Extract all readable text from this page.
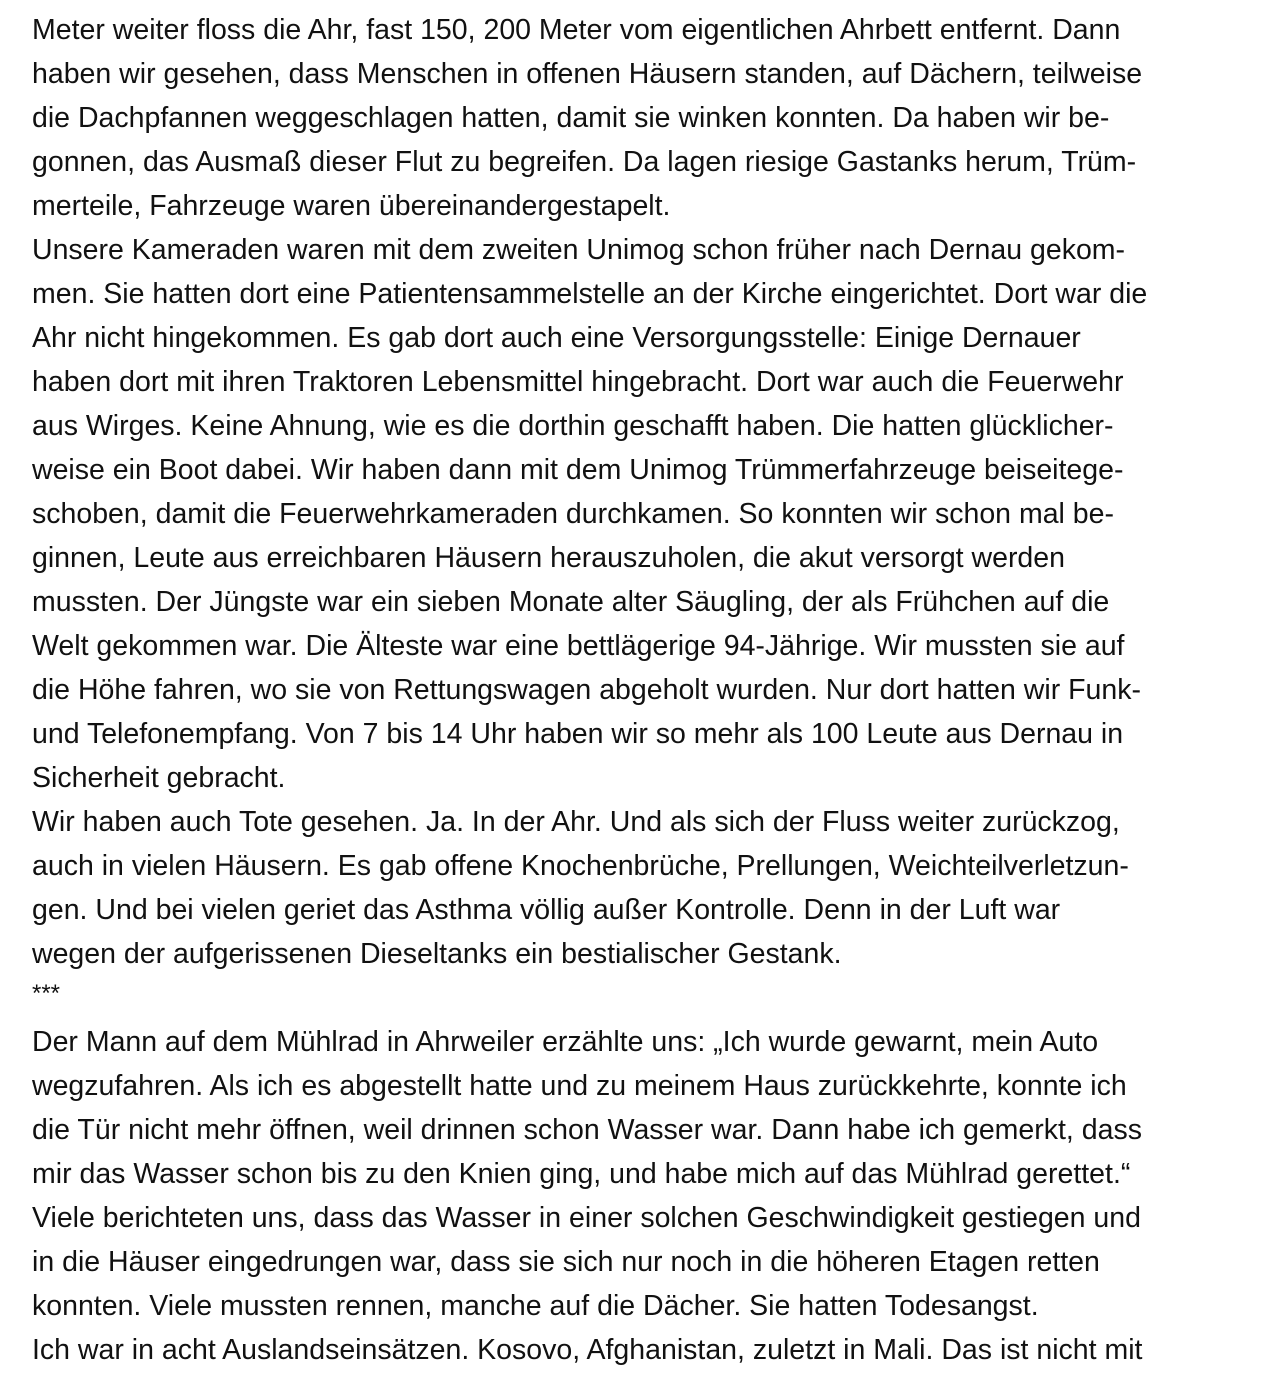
Meter weiter floss die Ahr, fast 150, 200 Meter vom eigentlichen Ahrbett entfernt. Dann
haben wir gesehen, dass Menschen in offenen Häusern standen, auf Dächern, teilweise
die Dachpfannen weggeschlagen hatten, damit sie winken konnten. Da haben wir be-
gonnen, das Ausmaß dieser Flut zu begreifen. Da lagen riesige Gastanks herum, Trüm-
merteile, Fahrzeuge waren übereinandergestapelt.
Unsere Kameraden waren mit dem zweiten Unimog schon früher nach Dernau gekom-
men. Sie hatten dort eine Patientensammelstelle an der Kirche eingerichtet. Dort war die
Ahr nicht hingekommen. Es gab dort auch eine Versorgungsstelle: Einige Dernauer
haben dort mit ihren Traktoren Lebensmittel hingebracht. Dort war auch die Feuerwehr
aus Wirges. Keine Ahnung, wie es die dorthin geschafft haben. Die hatten glücklicher-
weise ein Boot dabei. Wir haben dann mit dem Unimog Trümmerfahrzeuge beiseitege-
schoben, damit die Feuerwehrkameraden durchkamen. So konnten wir schon mal be-
ginnen, Leute aus erreichbaren Häusern herauszuholen, die akut versorgt werden
mussten. Der Jüngste war ein sieben Monate alter Säugling, der als Frühchen auf die
Welt gekommen war. Die Älteste war eine bettlägerige 94-Jährige. Wir mussten sie auf
die Höhe fahren, wo sie von Rettungswagen abgeholt wurden. Nur dort hatten wir Funk-
und Telefonempfang. Von 7 bis 14 Uhr haben wir so mehr als 100 Leute aus Dernau in
Sicherheit gebracht.
Wir haben auch Tote gesehen. Ja. In der Ahr. Und als sich der Fluss weiter zurückzog,
auch in vielen Häusern. Es gab offene Knochenbrüche, Prellungen, Weichteilverletzun-
gen. Und bei vielen geriet das Asthma völlig außer Kontrolle. Denn in der Luft war
wegen der aufgerissenen Dieseltanks ein bestialischer Gestank.
***
Der Mann auf dem Mühlrad in Ahrweiler erzählte uns: „Ich wurde gewarnt, mein Auto
wegzufahren. Als ich es abgestellt hatte und zu meinem Haus zurückkehrte, konnte ich
die Tür nicht mehr öffnen, weil drinnen schon Wasser war. Dann habe ich gemerkt, dass
mir das Wasser schon bis zu den Knien ging, und habe mich auf das Mühlrad gerettet.“
Viele berichteten uns, dass das Wasser in einer solchen Geschwindigkeit gestiegen und
in die Häuser eingedrungen war, dass sie sich nur noch in die höheren Etagen retten
konnten. Viele mussten rennen, manche auf die Dächer. Sie hatten Todesangst.
Ich war in acht Auslandseinsätzen. Kosovo, Afghanistan, zuletzt in Mali. Das ist nicht mit
